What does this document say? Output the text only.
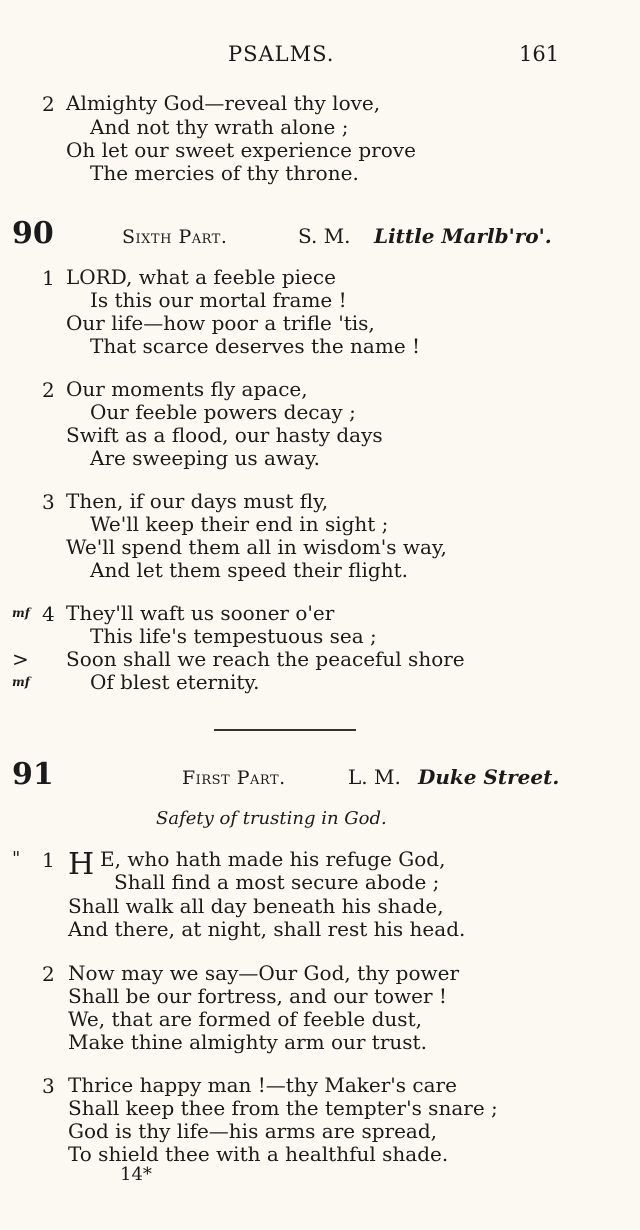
PSALMS.	161
2 Almighty God—reveal thy love,
And not thy wrath alone ;
Oh let our sweet experience prove
The mercies of thy throne.
90	Sixth Part.	S. M. Little Marlb'ro'.
1 LORD, what a feeble piece
Is this our mortal frame !
Our life—how poor a trifle 'tis,
That scarce deserves the name !
2 Our moments fly apace,
Our feeble powers decay ;
Swift as a flood, our hasty days
Are sweeping us away.
3 Then, if our days must fly,
We'll keep their end in sight ;
We'll spend them all in wisdom's way,
And let them speed their flight.
mf 4 They'll waft us sooner o'er
This life's tempestuous sea ;
> Soon shall we reach the peaceful shore
mf	Of blest eternity.
91	First Part.	L. M. Duke Street.
Safety of trusting in God.
" 1 H E, who hath made his refuge God,
Shall find a most secure abode ;
Shall walk all day beneath his shade,
And there, at night, shall rest his head.
2 Now may we say—Our God, thy power
Shall be our fortress, and our tower !
We, that are formed of feeble dust,
Make thine almighty arm our trust.
3 Thrice happy man !—thy Maker's care
Shall keep thee from the tempter's snare ;
God is thy life—his arms are spread,
To shield thee with a healthful shade.
14*
